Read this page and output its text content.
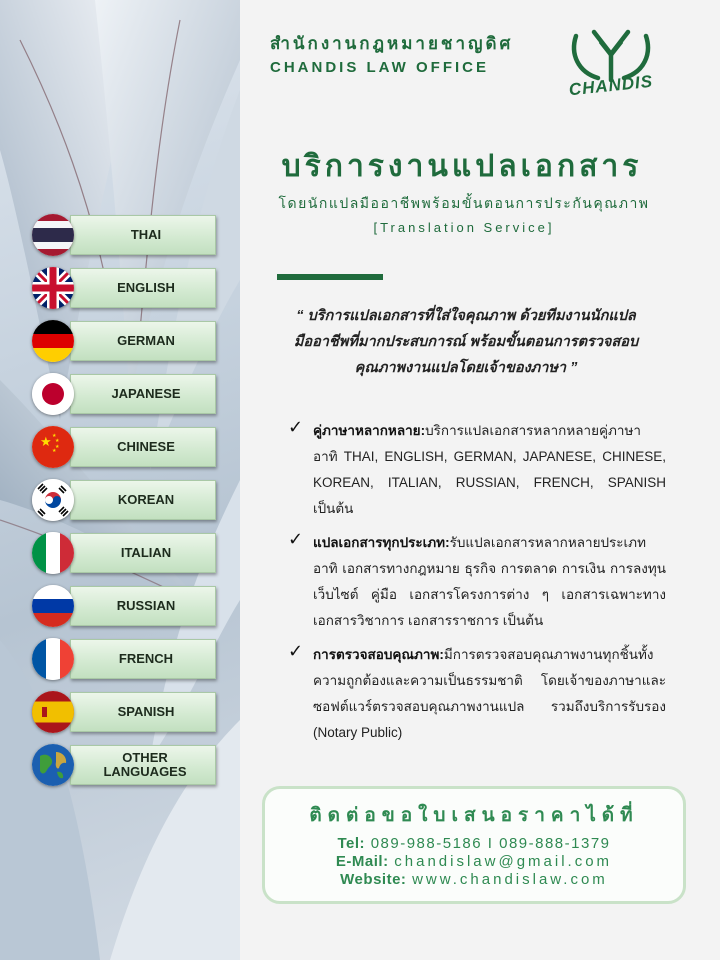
THAI
ENGLISH
GERMAN
JAPANESE
★ ★
★
★
★	CHINESE
KOREAN
ITALIAN
RUSSIAN
FRENCH
SPANISH
OTHER LANGUAGES
สำนักงานกฎหมายชาญดิศ
CHANDIS LAW OFFICE
CHANDIS
บริการงานแปลเอกสาร
โดยนักแปลมืออาชีพพร้อมขั้นตอนการประกันคุณภาพ
[Translation Service]
“ บริการแปลเอกสารที่ใส่ใจคุณภาพ ด้วยทีมงานนักแปล
มืออาชีพที่มากประสบการณ์ พร้อมขั้นตอนการตรวจสอบ
คุณภาพงานแปลโดยเจ้าของภาษา ”
✓ คู่ภาษาหลากหลาย:บริการแปลเอกสารหลากหลายคู่ภาษา อาทิ THAI, ENGLISH, GERMAN, JAPANESE, CHINESE, KOREAN, ITALIAN, RUSSIAN, FRENCH, SPANISH เป็นต้น
✓ แปลเอกสารทุกประเภท:รับแปลเอกสารหลากหลายประเภท อาทิ เอกสารทางกฎหมาย ธุรกิจ การตลาด การเงิน การลงทุน เว็บไซต์ คู่มือ เอกสารโครงการต่าง ๆ เอกสารเฉพาะทาง เอกสารวิชาการ เอกสารราชการ เป็นต้น
✓ การตรวจสอบคุณภาพ:มีการตรวจสอบคุณภาพงานทุกชิ้นทั้งความถูกต้องและความเป็นธรรมชาติ โดยเจ้าของภาษาและซอฟต์แวร์ตรวจสอบคุณภาพงานแปล รวมถึงบริการรับรอง (Notary Public)
ติดต่อขอใบเสนอราคาได้ที่
Tel: 089-988-5186 I 089-888-1379
E-Mail: chandislaw@gmail.com
Website: www.chandislaw.com
